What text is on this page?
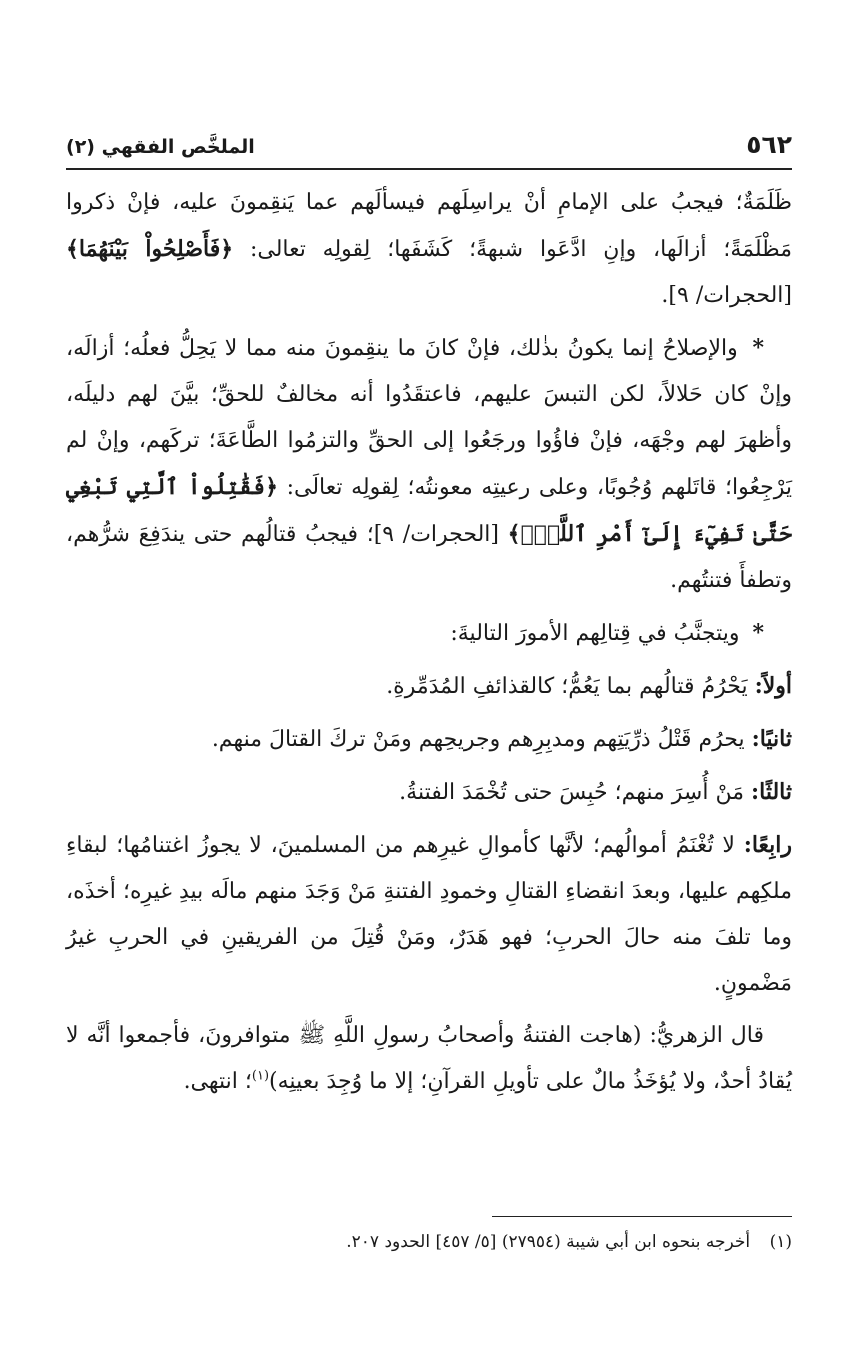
٥٦٢
الملخَّص الفقهي (٢)

ظَلَمَةٌ؛ فيجبُ على الإمامِ أنْ يراسِلَهم فيسألَهم عما يَنقِمونَ عليه، فإنْ ذكروا مَظْلَمَةً؛ أزالَها، وإنِ ادَّعَوا شبهةً؛ كَشَفَها؛ لِقولِه تعالى: ﴿فَأَصْلِحُواْ بَيْنَهُمَا﴾ [الحجرات/ ٩].

* والإصلاحُ إنما يكونُ بذٰلك، فإنْ كانَ ما ينقِمونَ منه مما لا يَحِلُّ فعلُه؛ أزالَه، وإنْ كان حَلالاً، لكن التبسَ عليهم، فاعتقَدُوا أنه مخالفٌ للحقِّ؛ بيَّنَ لهم دليلَه، وأظهرَ لهم وجْهَه، فإنْ فاؤُوا ورجَعُوا إلى الحقِّ والتزمُوا الطَّاعَةَ؛ تركَهم، وإنْ لم يَرْجِعُوا؛ قاتَلهم وُجُوبًا، وعلى رعيتِه معونتُه؛ لِقولِه تعالَى: ﴿فَقَٰتِلُواْ ٱلَّتِي تَبْغِي حَتَّىٰ تَفِيٓءَ إِلَىٰٓ أَمْرِ ٱللَّهِۚ﴾ [الحجرات/ ٩]؛ فيجبُ قتالُهم حتى يندَفِعَ شرُّهم، وتطفأَ فتنتُهم.

* ويتجنَّبُ في قِتالِهم الأمورَ التاليةَ:

أولاً: يَحْرُمُ قتالُهم بما يَعُمُّ؛ كالقذائفِ المُدَمِّرةِ.

ثانيًا: يحرُم قَتْلُ ذرِّيَتِهم ومدبِرِهم وجريحِهم ومَنْ تركَ القتالَ منهم.

ثالثًا: مَنْ أُسِرَ منهم؛ حُبِسَ حتى تُخْمَدَ الفتنةُ.

رابِعًا: لا تُغْنَمُ أموالُهم؛ لأنَّها كأموالِ غيرِهم من المسلمينَ، لا يجوزُ اغتنامُها؛ لبقاءِ ملكِهم عليها، وبعدَ انقضاءِ القتالِ وخمودِ الفتنةِ مَنْ وَجَدَ منهم مالَه بيدِ غيرِه؛ أخذَه، وما تلفَ منه حالَ الحربِ؛ فهو هَدَرٌ، ومَنْ قُتِلَ من الفريقينِ في الحربِ غيرُ مَضْمونٍ.

قال الزهريُّ: (هاجت الفتنةُ وأصحابُ رسولِ اللَّهِ ﷺ متوافرونَ، فأجمعوا أنَّه لا يُقادُ أحدٌ، ولا يُؤخَذُ مالٌ على تأويلِ القرآنِ؛ إلا ما وُجِدَ بعينِه)$^{(١)}$؛ انتهى.

(١) أخرجه بنحوه ابن أبي شيبة (٢٧٩٥٤) [٥/ ٤٥٧] الحدود ٢٠٧.
